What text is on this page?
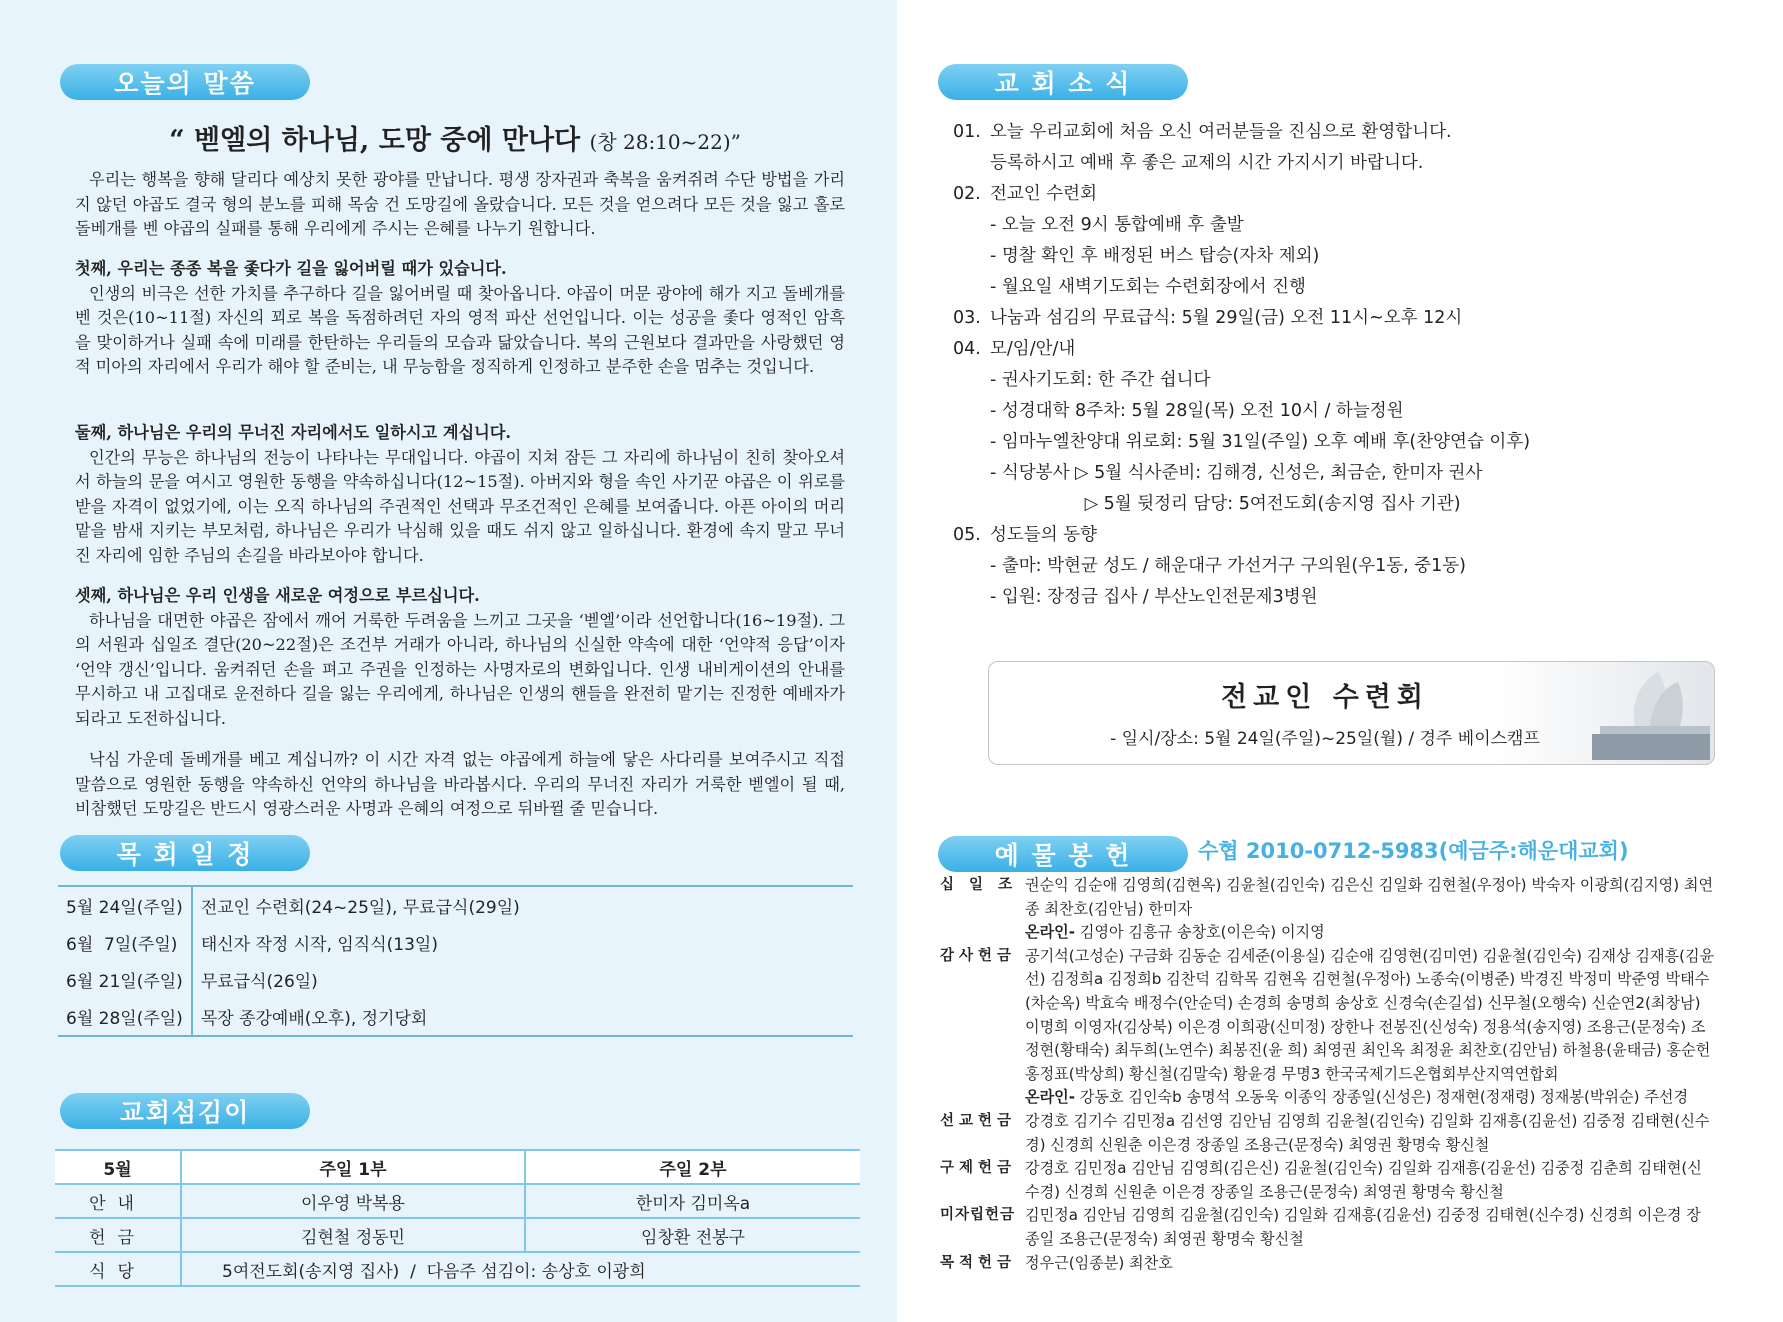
오늘의 말씀
“ 벧엘의 하나님, 도망 중에 만나다 (창 28:10~22)”

우리는 행복을 향해 달리다 예상치 못한 광야를 만납니다. 평생 장자권과 축복을 움켜쥐려 수단 방법을 가리지 않던 야곱도 결국 형의 분노를 피해 목숨 건 도망길에 올랐습니다. 모든 것을 얻으려다 모든 것을 잃고 홀로 돌베개를 벤 야곱의 실패를 통해 우리에게 주시는 은혜를 나누기 원합니다.

첫째, 우리는 종종 복을 좇다가 길을 잃어버릴 때가 있습니다.
인생의 비극은 선한 가치를 추구하다 길을 잃어버릴 때 찾아옵니다. 야곱이 머문 광야에 해가 지고 돌베개를 벤 것은(10~11절) 자신의 꾀로 복을 독점하려던 자의 영적 파산 선언입니다. 이는 성공을 좇다 영적인 암흑을 맞이하거나 실패 속에 미래를 한탄하는 우리들의 모습과 닮았습니다. 복의 근원보다 결과만을 사랑했던 영적 미아의 자리에서 우리가 해야 할 준비는, 내 무능함을 정직하게 인정하고 분주한 손을 멈추는 것입니다.

둘째, 하나님은 우리의 무너진 자리에서도 일하시고 계십니다.
인간의 무능은 하나님의 전능이 나타나는 무대입니다. 야곱이 지쳐 잠든 그 자리에 하나님이 친히 찾아오셔서 하늘의 문을 여시고 영원한 동행을 약속하십니다(12~15절). 아버지와 형을 속인 사기꾼 야곱은 이 위로를 받을 자격이 없었기에, 이는 오직 하나님의 주권적인 선택과 무조건적인 은혜를 보여줍니다. 아픈 아이의 머리맡을 밤새 지키는 부모처럼, 하나님은 우리가 낙심해 있을 때도 쉬지 않고 일하십니다. 환경에 속지 말고 무너진 자리에 임한 주님의 손길을 바라보아야 합니다.

셋째, 하나님은 우리 인생을 새로운 여정으로 부르십니다.
하나님을 대면한 야곱은 잠에서 깨어 거룩한 두려움을 느끼고 그곳을 ‘벧엘’이라 선언합니다(16~19절). 그의 서원과 십일조 결단(20~22절)은 조건부 거래가 아니라, 하나님의 신실한 약속에 대한 ‘언약적 응답’이자 ‘언약 갱신’입니다. 움켜쥐던 손을 펴고 주권을 인정하는 사명자로의 변화입니다. 인생 내비게이션의 안내를 무시하고 내 고집대로 운전하다 길을 잃는 우리에게, 하나님은 인생의 핸들을 완전히 맡기는 진정한 예배자가 되라고 도전하십니다.

낙심 가운데 돌베개를 베고 계십니까? 이 시간 자격 없는 야곱에게 하늘에 닿은 사다리를 보여주시고 직접 말씀으로 영원한 동행을 약속하신 언약의 하나님을 바라봅시다. 우리의 무너진 자리가 거룩한 벧엘이 될 때, 비참했던 도망길은 반드시 영광스러운 사명과 은혜의 여정으로 뒤바뀔 줄 믿습니다.

목 회 일 정
5월 24일(주일)	전교인 수련회(24~25일), 무료급식(29일)
6월  7일(주일)	태신자 작정 시작, 임직식(13일)
6월 21일(주일)	무료급식(26일)
6월 28일(주일)	목장 종강예배(오후), 정기당회
교회섬김이
5월	주일 1부	주일 2부
안내	이우영 박복용	한미자 김미옥a
헌금	김현철 정동민	임창환 전봉구
식당	5여전도회(송지영 집사)  /  다음주 섬김이: 송상호 이광희	
교 회 소 식
01. 오늘 우리교회에 처음 오신 여러분들을 진심으로 환영합니다.
등록하시고 예배 후 좋은 교제의 시간 가지시기 바랍니다.
02. 전교인 수련회
- 오늘 오전 9시 통합예배 후 출발
- 명찰 확인 후 배정된 버스 탑승(자차 제외)
- 월요일 새벽기도회는 수련회장에서 진행
03. 나눔과 섬김의 무료급식: 5월 29일(금) 오전 11시~오후 12시
04. 모/임/안/내
- 권사기도회: 한 주간 쉽니다
- 성경대학 8주차: 5월 28일(목) 오전 10시 / 하늘정원
- 임마누엘찬양대 위로회: 5월 31일(주일) 오후 예배 후(찬양연습 이후)
- 식당봉사 ▷ 5월 식사준비: 김해경, 신성은, 최금순, 한미자 권사
▷ 5월 뒷정리 담당: 5여전도회(송지영 집사 기관)
05. 성도들의 동향
- 출마: 박현균 성도 / 해운대구 가선거구 구의원(우1동, 중1동)
- 입원: 장정금 집사 / 부산노인전문제3병원
전교인 수련회
- 일시/장소: 5월 24일(주일)~25일(월) / 경주 베이스캠프
예 물 봉 헌	수협 2010-0712-5983(예금주:해운대교회)
십 일 조 권순익 김순애 김영희(김현옥) 김윤철(김인숙) 김은신 김일화 김현철(우정아) 박숙자 이광희(김지영) 최연종 최찬호(김안님) 한미자
온라인- 김영아 김흥규 송창호(이은숙) 이지영
감사헌금 공기석(고성순) 구금화 김동순 김세준(이용실) 김순애 김영현(김미연) 김윤철(김인숙) 김재상 김재흥(김윤선) 김정희a 김정희b 김찬덕 김학목 김현옥 김현철(우정아) 노종숙(이병준) 박경진 박정미 박준영 박태수(차순옥) 박효숙 배정수(안순덕) 손경희 송명희 송상호 신경숙(손길섭) 신무철(오행숙) 신순연2(최창남) 이명희 이영자(김상북) 이은경 이희광(신미정) 장한나 전봉진(신성숙) 정용석(송지영) 조용근(문정숙) 조정현(황태숙) 최두희(노연수) 최봉진(윤 희) 최영권 최인옥 최정윤 최찬호(김안님) 하철용(윤태금) 홍순헌 홍정표(박상희) 황신철(김말숙) 황윤경 무명3 한국국제기드온협회부산지역연합회
온라인- 강동호 김인숙b 송명석 오동욱 이종익 장종일(신성은) 정재현(정재령) 정재봉(박위순) 주선경
선교헌금 강경호 김기수 김민정a 김선영 김안님 김영희 김윤철(김인숙) 김일화 김재흥(김윤선) 김중정 김태현(신수경) 신경희 신원춘 이은경 장종일 조용근(문정숙) 최영권 황명숙 황신철
구제헌금 강경호 김민정a 김안님 김영희(김은신) 김윤철(김인숙) 김일화 김재흥(김윤선) 김중정 김춘희 김태현(신수경) 신경희 신원춘 이은경 장종일 조용근(문정숙) 최영권 황명숙 황신철
미자립헌금 김민정a 김안님 김영희 김윤철(김인숙) 김일화 김재흥(김윤선) 김중정 김태현(신수경) 신경희 이은경 장종일 조용근(문정숙) 최영권 황명숙 황신철
목적헌금 정우근(임종분) 최찬호
